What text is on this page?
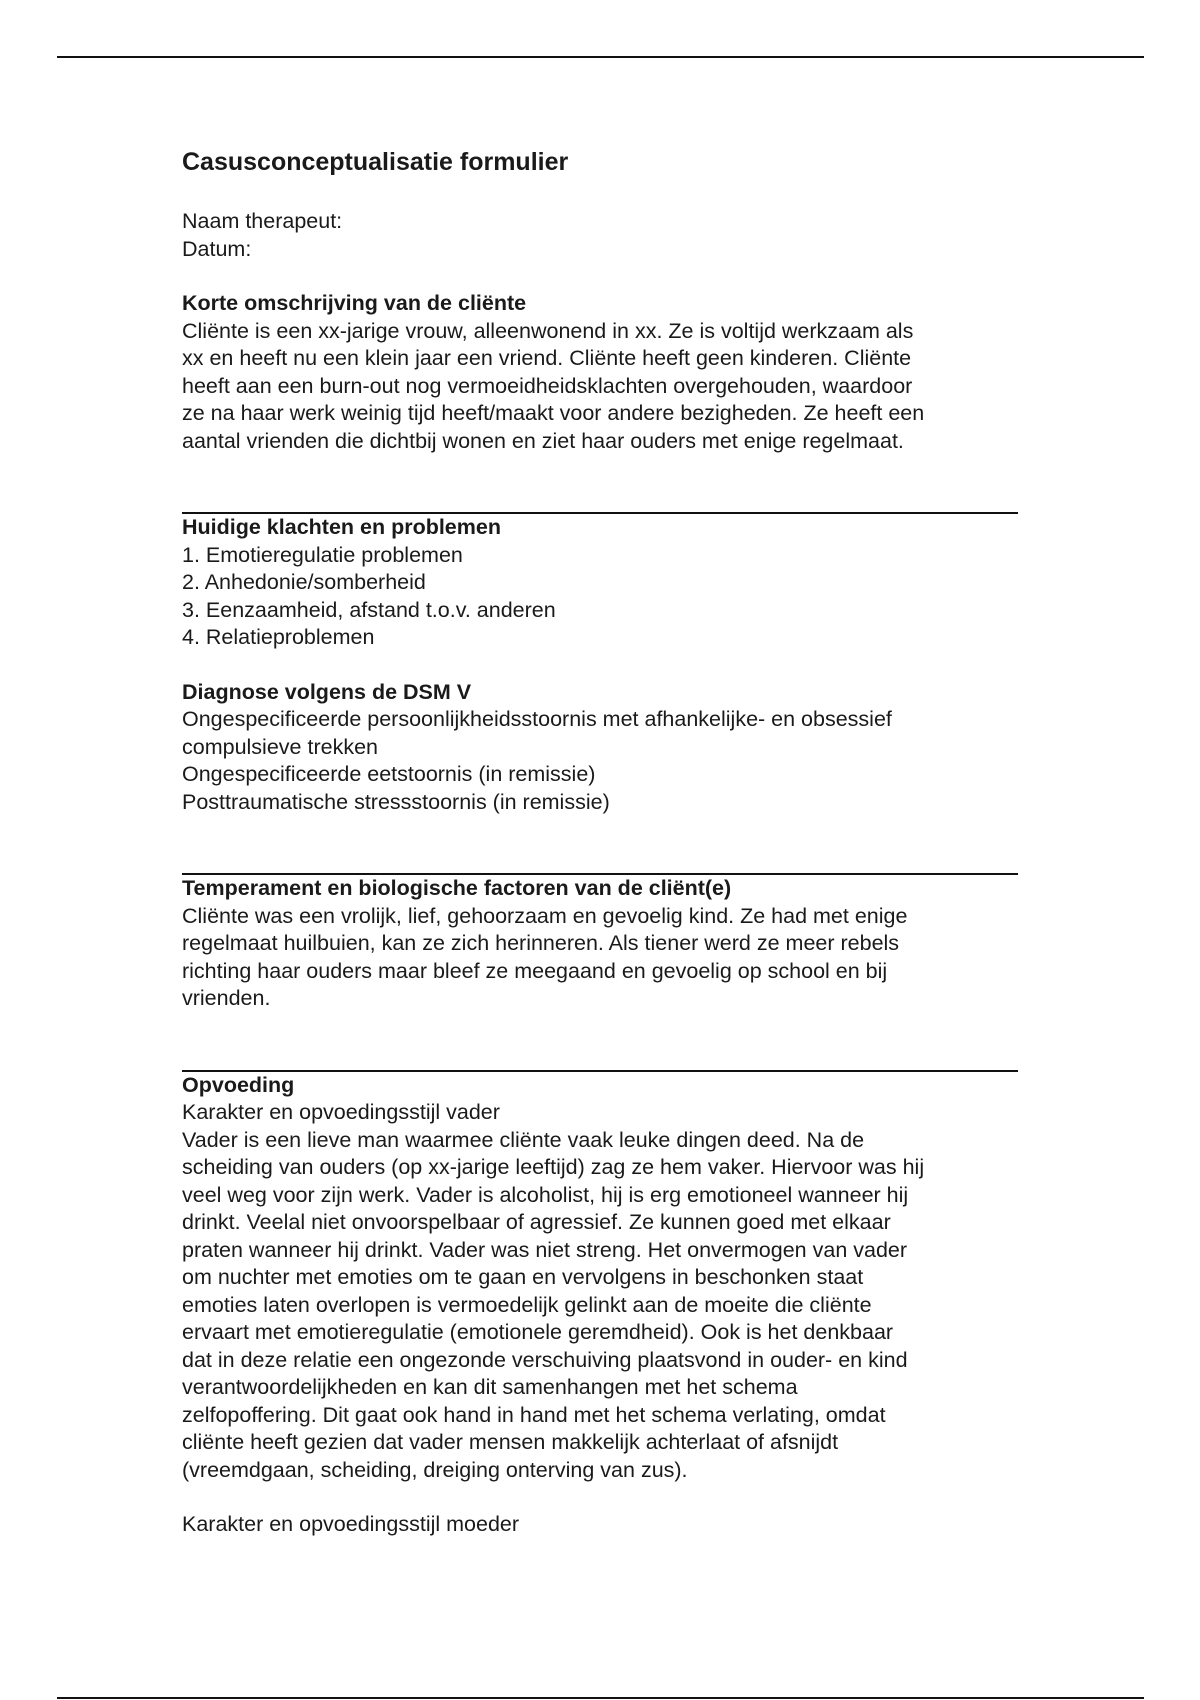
Casusconceptualisatie formulier
Naam therapeut:
Datum:
Korte omschrijving van de cliënte

Cliënte is een xx-jarige vrouw, alleenwonend in xx. Ze is voltijd werkzaam als

xx en heeft nu een klein jaar een vriend. Cliënte heeft geen kinderen. Cliënte

heeft aan een burn-out nog vermoeidheidsklachten overgehouden, waardoor

ze na haar werk weinig tijd heeft/maakt voor andere bezigheden. Ze heeft een

aantal vrienden die dichtbij wonen en ziet haar ouders met enige regelmaat.

Huidige klachten en problemen
1. Emotieregulatie problemen
2. Anhedonie/somberheid
3. Eenzaamheid, afstand t.o.v. anderen
4. Relatieproblemen
Diagnose volgens de DSM V

Ongespecificeerde persoonlijkheidsstoornis met afhankelijke- en obsessief

compulsieve trekken

Ongespecificeerde eetstoornis (in remissie)

Posttraumatische stressstoornis (in remissie)

Temperament en biologische factoren van de cliënt(e)

Cliënte was een vrolijk, lief, gehoorzaam en gevoelig kind. Ze had met enige

regelmaat huilbuien, kan ze zich herinneren. Als tiener werd ze meer rebels

richting haar ouders maar bleef ze meegaand en gevoelig op school en bij

vrienden.

Opvoeding

Karakter en opvoedingsstijl vader

Vader is een lieve man waarmee cliënte vaak leuke dingen deed. Na de

scheiding van ouders (op xx-jarige leeftijd) zag ze hem vaker. Hiervoor was hij

veel weg voor zijn werk. Vader is alcoholist, hij is erg emotioneel wanneer hij

drinkt. Veelal niet onvoorspelbaar of agressief. Ze kunnen goed met elkaar

praten wanneer hij drinkt. Vader was niet streng. Het onvermogen van vader

om nuchter met emoties om te gaan en vervolgens in beschonken staat

emoties laten overlopen is vermoedelijk gelinkt aan de moeite die cliënte

ervaart met emotieregulatie (emotionele geremdheid). Ook is het denkbaar

dat in deze relatie een ongezonde verschuiving plaatsvond in ouder- en kind

verantwoordelijkheden en kan dit samenhangen met het schema

zelfopoffering. Dit gaat ook hand in hand met het schema verlating, omdat

cliënte heeft gezien dat vader mensen makkelijk achterlaat of afsnijdt

(vreemdgaan, scheiding, dreiging onterving van zus).

Karakter en opvoedingsstijl moeder
